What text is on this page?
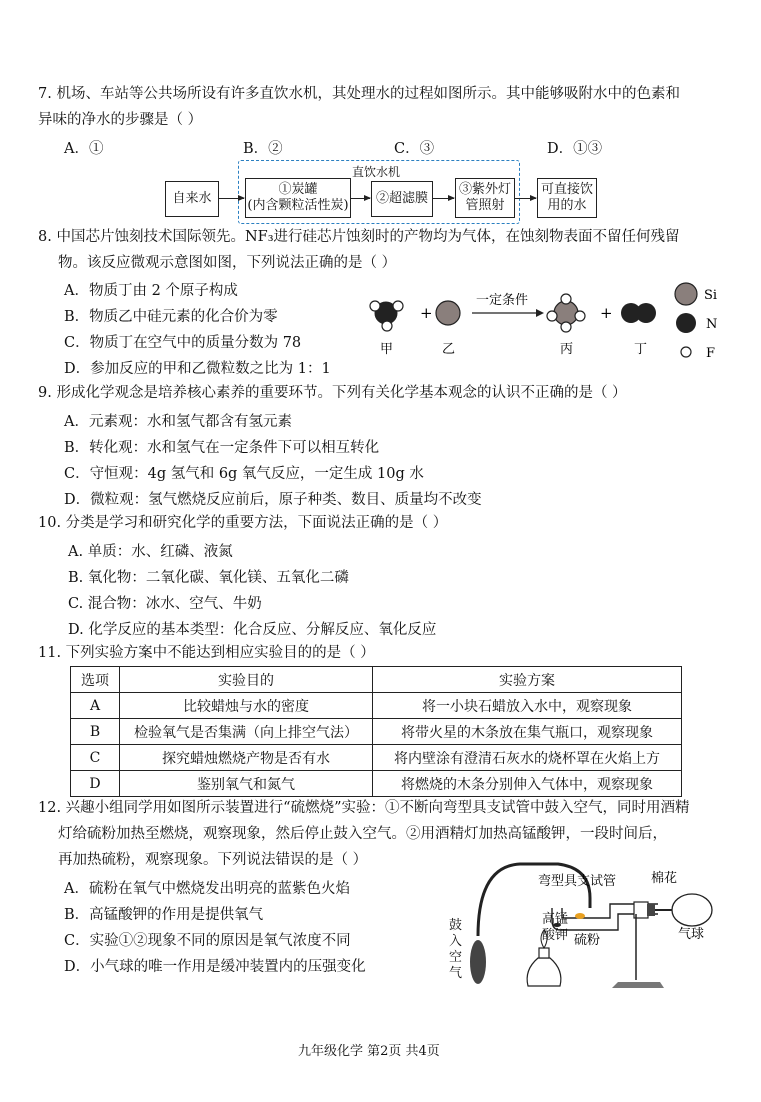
7. 机场、车站等公共场所设有许多直饮水机，其处理水的过程如图所示。其中能够吸附水中的色素和
异味的净水的步骤是（ ）
A．①	B．②	C．③	D．①③
直饮水机
自来水
①炭罐
(内含颗粒活性炭)	②超滤膜
③紫外灯
管照射
可直接饮
用的水
8. 中国芯片蚀刻技术国际领先。NF₃进行硅芯片蚀刻时的产物均为气体，在蚀刻物表面不留任何残留
物。该反应微观示意图如图，下列说法正确的是（ ）
A．物质丁由 2 个原子构成
B．物质乙中硅元素的化合价为零
C．物质丁在空气中的质量分数为 78
D．参加反应的甲和乙微粒数之比为 1：1
+
一定条件
+
甲	乙	丙	丁
Si
N
F
9. 形成化学观念是培养核心素养的重要环节。下列有关化学基本观念的认识不正确的是（ ）
A．元素观：水和氢气都含有氢元素
B．转化观：水和氢气在一定条件下可以相互转化
C．守恒观：4g 氢气和 6g 氧气反应，一定生成 10g 水
D．微粒观：氢气燃烧反应前后，原子种类、数目、质量均不改变
10. 分类是学习和研究化学的重要方法，下面说法正确的是（ ）
A. 单质：水、红磷、液氮
B. 氧化物：二氧化碳、氧化镁、五氧化二磷
C. 混合物：冰水、空气、牛奶
D. 化学反应的基本类型：化合反应、分解反应、氧化反应
11. 下列实验方案中不能达到相应实验目的的是（ ）
选项	实验目的	实验方案
A	比较蜡烛与水的密度	将一小块石蜡放入水中，观察现象
B	检验氧气是否集满（向上排空气法）	将带火星的木条放在集气瓶口，观察现象
C	探究蜡烛燃烧产物是否有水	将内壁涂有澄清石灰水的烧杯罩在火焰上方
D	鉴别氧气和氮气	将燃烧的木条分别伸入气体中，观察现象
12. 兴趣小组同学用如图所示装置进行“硫燃烧”实验：①不断向弯型具支试管中鼓入空气，同时用酒精
灯给硫粉加热至燃烧，观察现象，然后停止鼓入空气。②用酒精灯加热高锰酸钾，一段时间后，
再加热硫粉，观察现象。下列说法错误的是（ ）
A．硫粉在氧气中燃烧发出明亮的蓝紫色火焰
B．高锰酸钾的作用是提供氧气
C．实验①②现象不同的原因是氧气浓度不同
D．小气球的唯一作用是缓冲装置内的压强变化
弯型具支试管	棉花
气球
硫粉
鼓入空气
高锰酸钾
九年级化学 第2页 共4页
